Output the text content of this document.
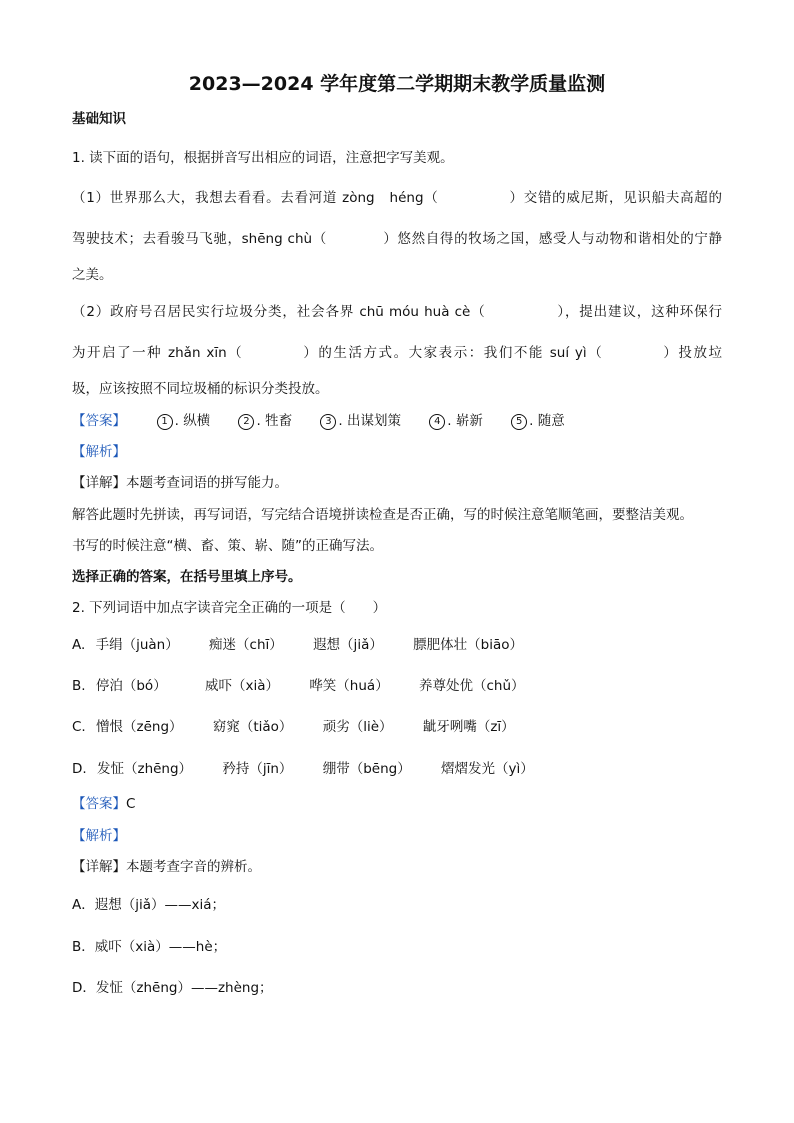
2023—2024 学年度第二学期期末教学质量监测
基础知识
1. 读下面的语句，根据拼音写出相应的词语，注意把字写美观。
（1）世界那么大，我想去看看。去看河道 zòng　héng（　　　　　）交错的威尼斯，见识船夫高超的
驾驶技术；去看骏马飞驰，shēng chù（　　　　）悠然自得的牧场之国，感受人与动物和谐相处的宁静
之美。
（2）政府号召居民实行垃圾分类，社会各界 chū móu huà cè（　　　　　），提出建议，这种环保行
为开启了一种 zhǎn xīn（　　　　）的生活方式。大家表示：我们不能 suí yì（　　　　）投放垃
圾，应该按照不同垃圾桶的标识分类投放。
【答案】	1 . 纵横	2 . 牲畜	3 . 出谋划策	4 . 崭新	5 . 随意
【解析】
【详解】本题考查词语的拼写能力。
解答此题时先拼读，再写词语，写完结合语境拼读检查是否正确，写的时候注意笔顺笔画，要整洁美观。
书写的时候注意“横、畜、策、崭、随”的正确写法。
选择正确的答案，在括号里填上序号。
2. 下列词语中加点字读音完全正确的一项是（　　）
A. 手绢（juàn） 痴迷（chī） 遐想（jiǎ） 膘肥体壮（biāo）
B. 停泊（bó）	威吓（xià） 哗笑（huá） 养尊处优（chǔ）
C. 憎恨（zēng） 窈窕（tiǎo） 顽劣（liè） 龇牙咧嘴（zī）
D. 发怔（zhēng） 矜持（jīn） 绷带（bēng） 熠熠发光（yì）
【答案】C
【解析】
【详解】本题考查字音的辨析。
A．遐想（jiǎ）——xiá；
B．威吓（xià）——hè；
D．发怔（zhēng）——zhèng；
